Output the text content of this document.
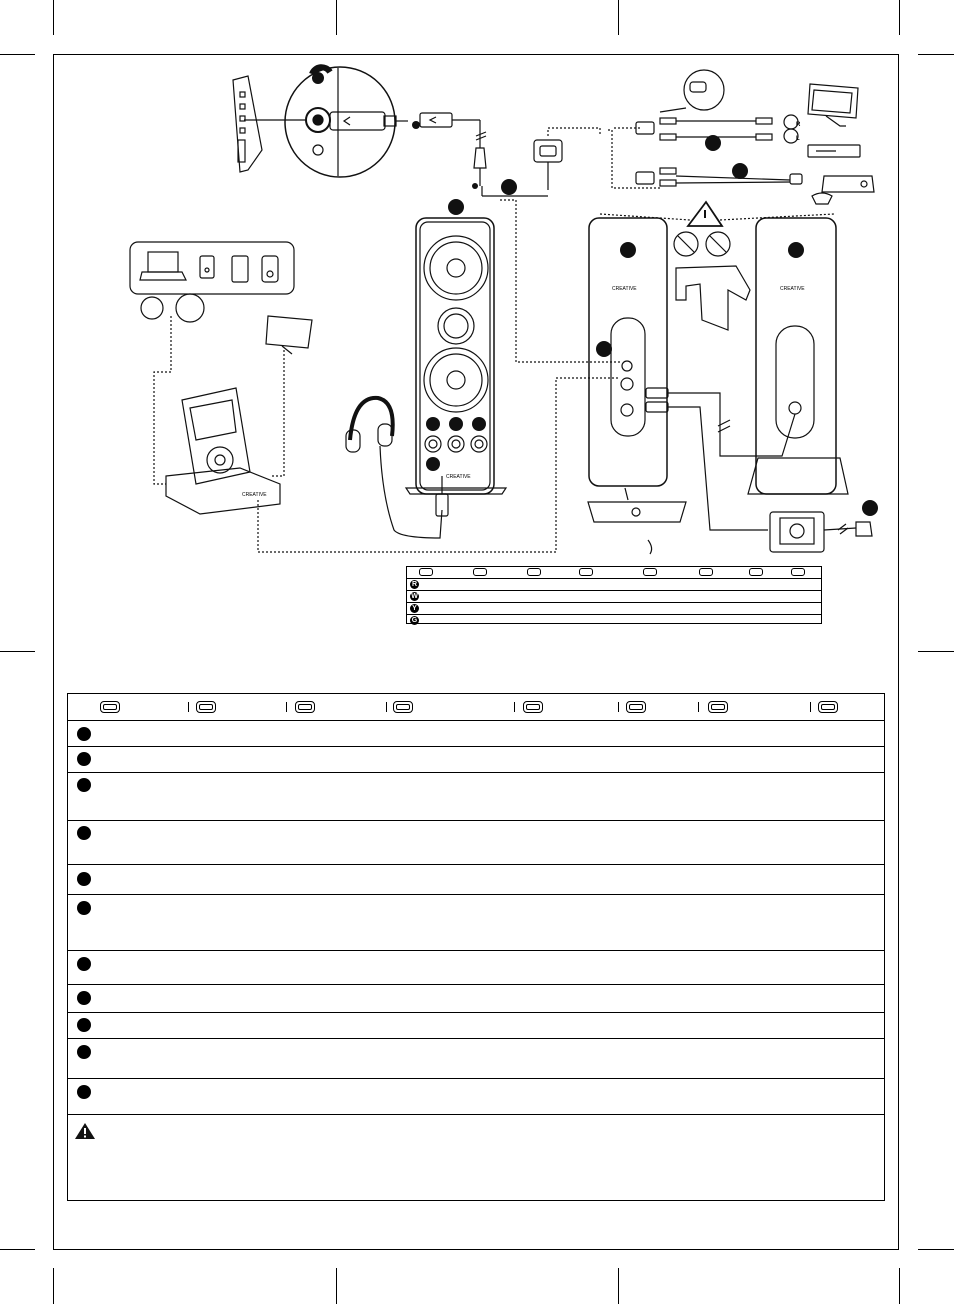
CREATIVE	CREATIVE
CREATIVE
CREATIVE
R
L
R
W
Y
G
